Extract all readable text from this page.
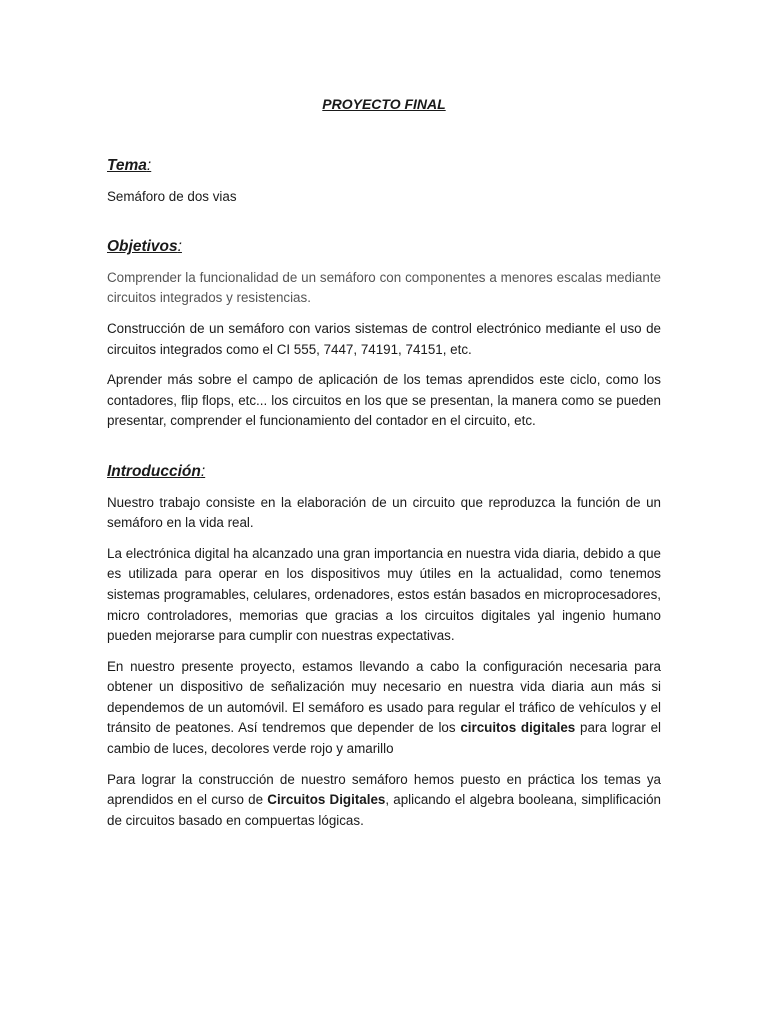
PROYECTO FINAL
Tema:

Semáforo de dos vias

Objetivos:

Comprender la funcionalidad de un semáforo con componentes a menores escalas mediante circuitos integrados y resistencias.

Construcción de un semáforo con varios sistemas de control electrónico mediante el uso de circuitos integrados como el CI 555, 7447, 74191, 74151, etc.

Aprender más sobre el campo de aplicación de los temas aprendidos este ciclo, como los contadores, flip flops, etc... los circuitos en los que se presentan, la manera como se pueden presentar, comprender el funcionamiento del contador en el circuito, etc.

Introducción:

Nuestro trabajo consiste en la elaboración de un circuito que reproduzca la función de un semáforo en la vida real.

La electrónica digital ha alcanzado una gran importancia en nuestra vida diaria, debido a que es utilizada para operar en los dispositivos muy útiles en la actualidad, como tenemos sistemas programables, celulares, ordenadores, estos están basados en microprocesadores, micro controladores, memorias que gracias a los circuitos digitales yal ingenio humano pueden mejorarse para cumplir con nuestras expectativas.

En nuestro presente proyecto, estamos llevando a cabo la configuración necesaria para obtener un dispositivo de señalización muy necesario en nuestra vida diaria aun más si dependemos de un automóvil. El semáforo es usado para regular el tráfico de vehículos y el tránsito de peatones. Así tendremos que depender de los circuitos digitales para lograr el cambio de luces, decolores verde rojo y amarillo

Para lograr la construcción de nuestro semáforo hemos puesto en práctica los temas ya aprendidos en el curso de Circuitos Digitales, aplicando el algebra booleana, simplificación de circuitos basado en compuertas lógicas.
